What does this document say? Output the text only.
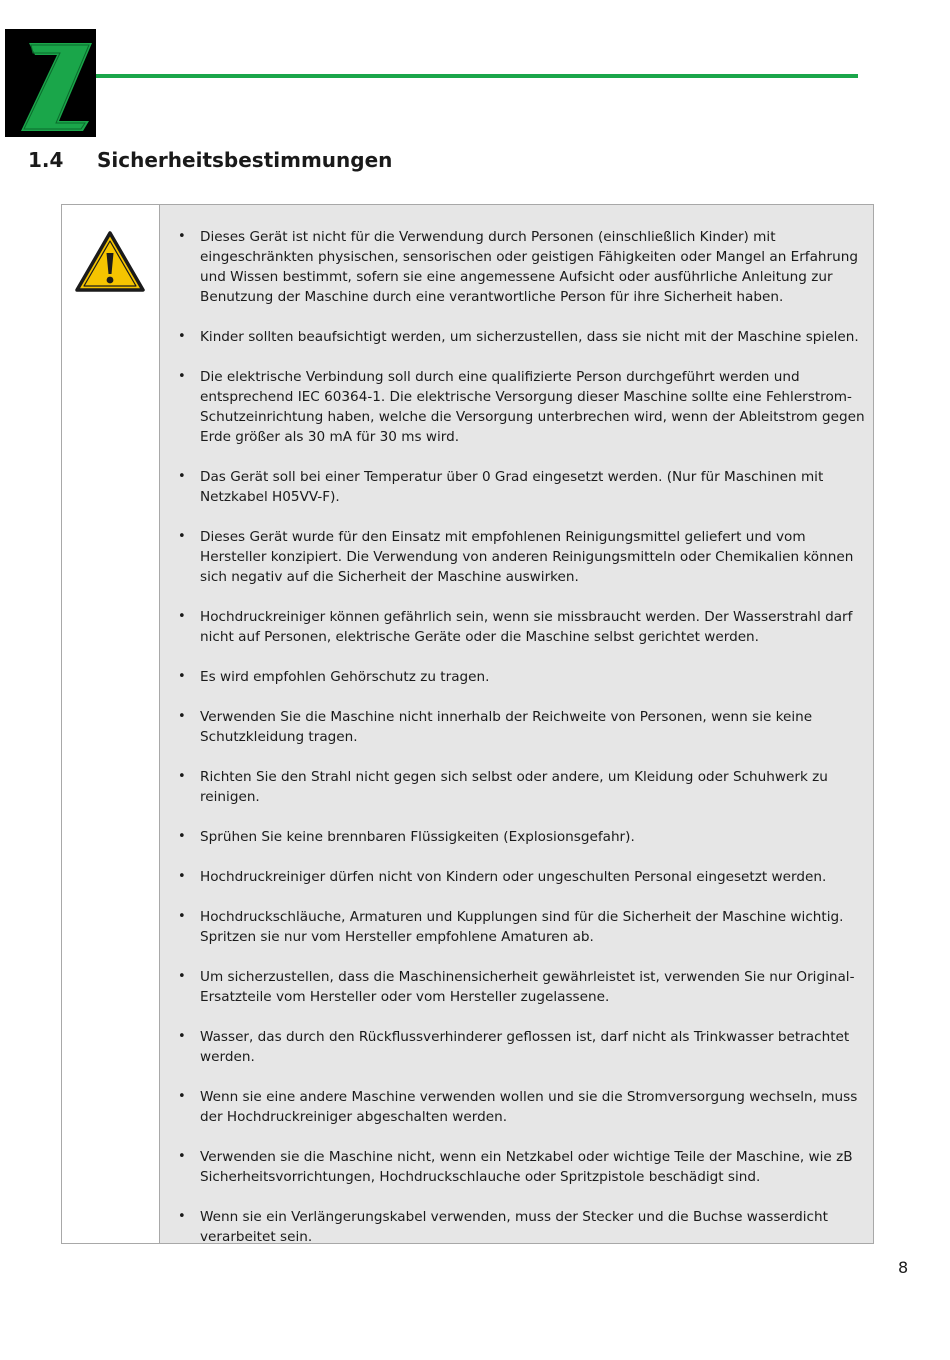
1.4 Sicherheitsbestimmungen
• Dieses Gerät ist nicht für die Verwendung durch Personen (einschließlich Kinder) mit eingeschränkten physischen, sensorischen oder geistigen Fähigkeiten oder Mangel an Erfahrung und Wissen bestimmt, sofern sie eine angemessene Aufsicht oder ausführliche Anleitung zur Benutzung der Maschine durch eine verantwortliche Person für ihre Sicherheit haben.
• Kinder sollten beaufsichtigt werden, um sicherzustellen, dass sie nicht mit der Maschine spielen.
• Die elektrische Verbindung soll durch eine qualifizierte Person durchgeführt werden und entsprechend IEC 60364-1. Die elektrische Versorgung dieser Maschine sollte eine Fehlerstrom-Schutzeinrichtung haben, welche die Versorgung unterbrechen wird, wenn der Ableitstrom gegen Erde größer als 30 mA für 30 ms wird.
• Das Gerät soll bei einer Temperatur über 0 Grad eingesetzt werden. (Nur für Maschinen mit Netzkabel H05VV-F).
• Dieses Gerät wurde für den Einsatz mit empfohlenen Reinigungsmittel geliefert und vom Hersteller konzipiert. Die Verwendung von anderen Reinigungsmitteln oder Chemikalien können sich negativ auf die Sicherheit der Maschine auswirken.
• Hochdruckreiniger können gefährlich sein, wenn sie missbraucht werden. Der Wasserstrahl darf nicht auf Personen, elektrische Geräte oder die Maschine selbst gerichtet werden.
• Es wird empfohlen Gehörschutz zu tragen.
• Verwenden Sie die Maschine nicht innerhalb der Reichweite von Personen, wenn sie keine Schutzkleidung tragen.
• Richten Sie den Strahl nicht gegen sich selbst oder andere, um Kleidung oder Schuhwerk zu reinigen.
• Sprühen Sie keine brennbaren Flüssigkeiten (Explosionsgefahr).
• Hochdruckreiniger dürfen nicht von Kindern oder ungeschulten Personal eingesetzt werden.
• Hochdruckschläuche, Armaturen und Kupplungen sind für die Sicherheit der Maschine wichtig. Spritzen sie nur vom Hersteller empfohlene Amaturen ab.
• Um sicherzustellen, dass die Maschinensicherheit gewährleistet ist, verwenden Sie nur Original-Ersatzteile vom Hersteller oder vom Hersteller zugelassene.
• Wasser, das durch den Rückflussverhinderer geflossen ist, darf nicht als Trinkwasser betrachtet werden.
• Wenn sie eine andere Maschine verwenden wollen und sie die Stromversorgung wechseln, muss der Hochdruckreiniger abgeschalten werden.
• Verwenden sie die Maschine nicht, wenn ein Netzkabel oder wichtige Teile der Maschine, wie zB Sicherheitsvorrichtungen, Hochdruckschlauche oder Spritzpistole beschädigt sind.
• Wenn sie ein Verlängerungskabel verwenden, muss der Stecker und die Buchse wasserdicht verarbeitet sein.
8
